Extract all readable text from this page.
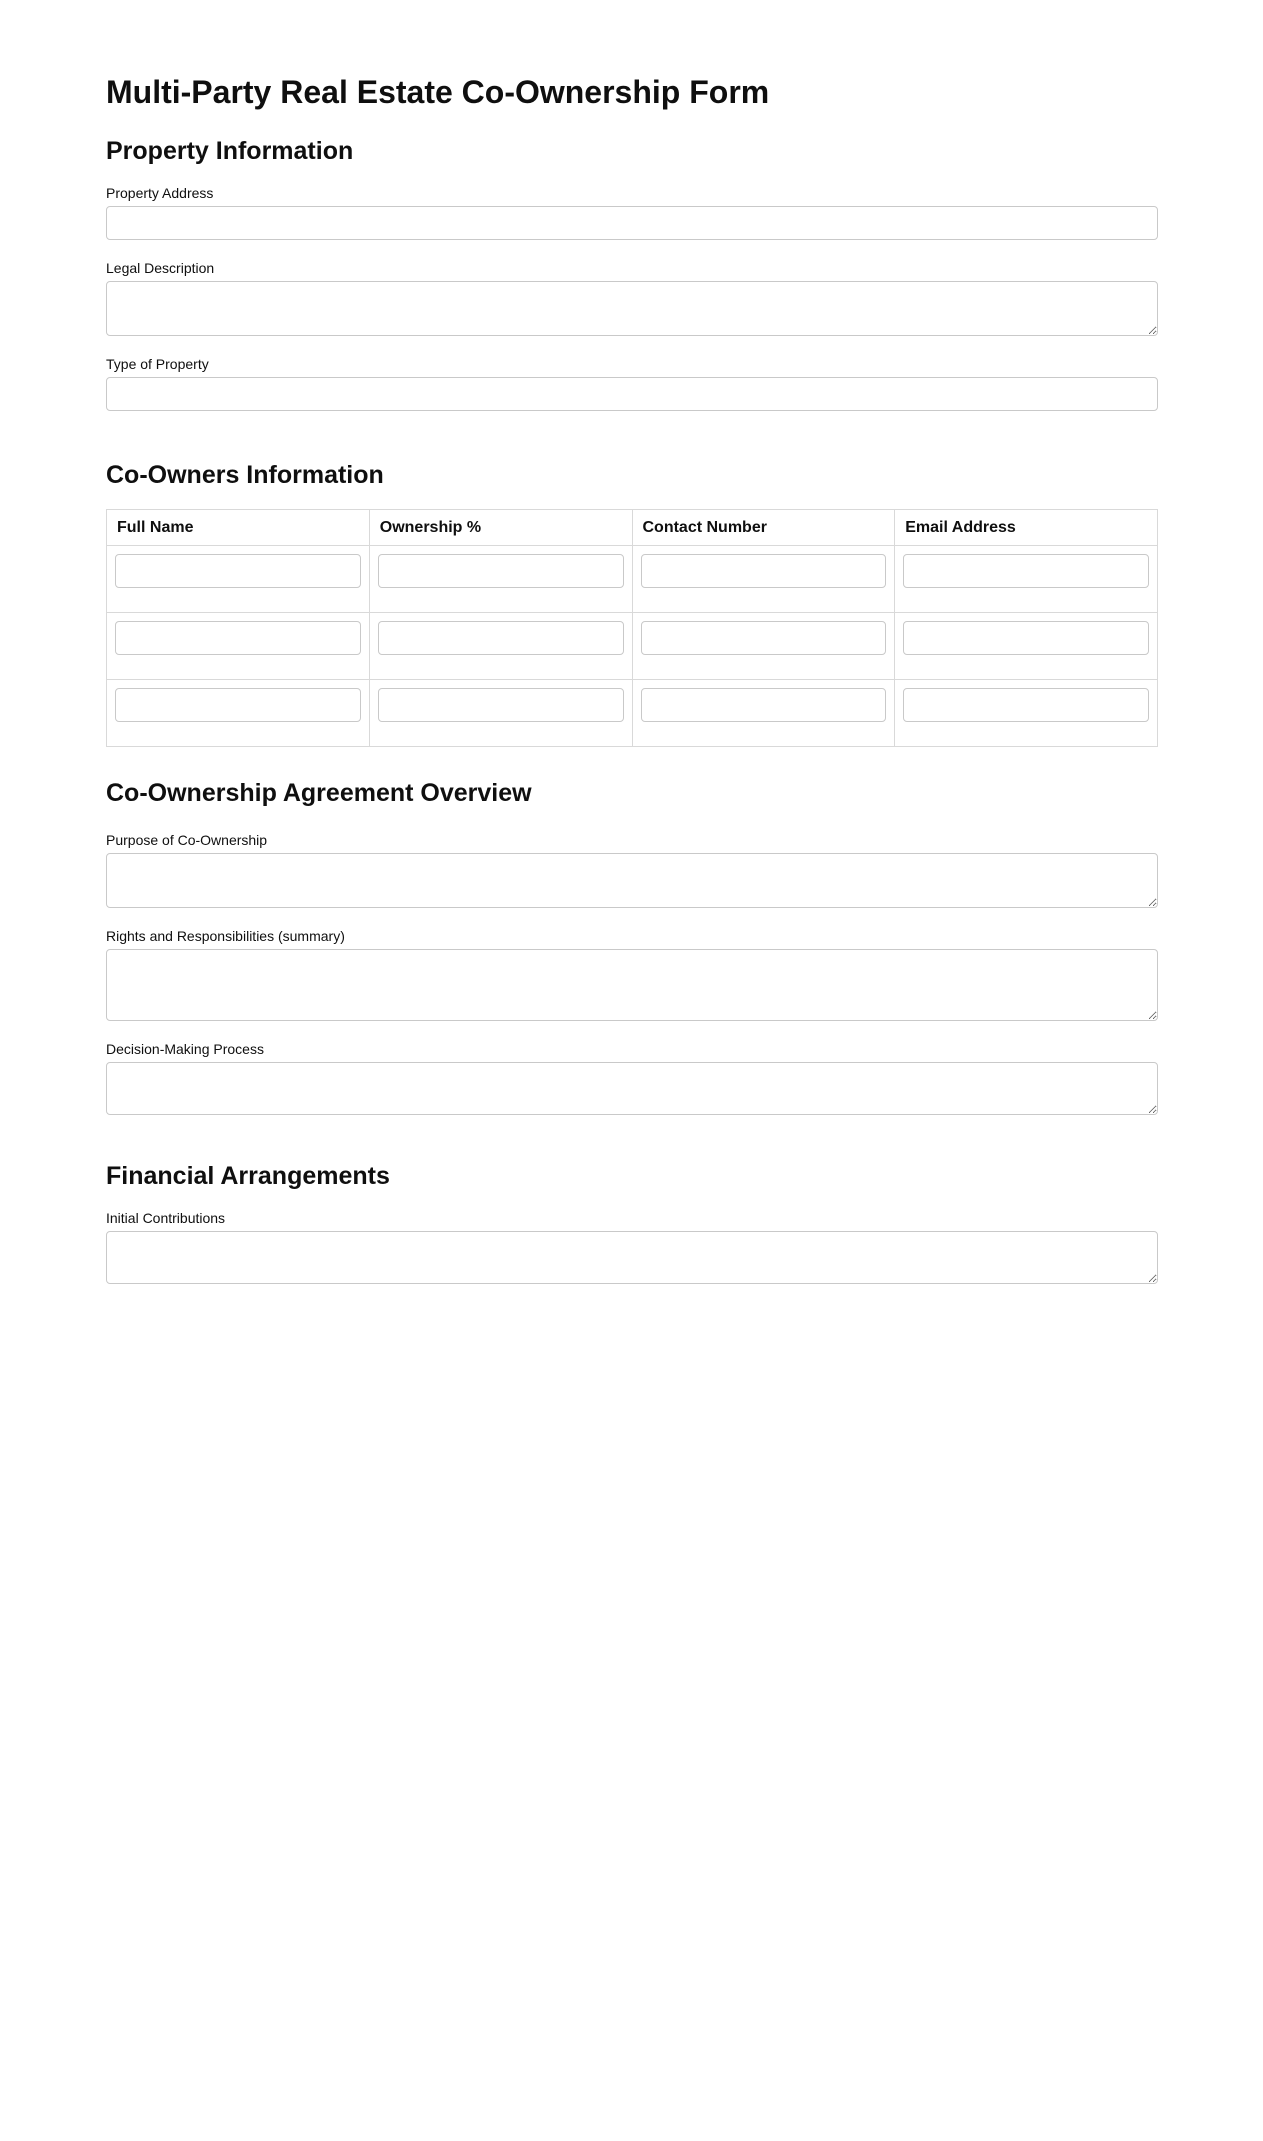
Multi-Party Real Estate Co-Ownership Form
Property Information
Property Address
Legal Description
Type of Property
Co-Owners Information
Full Name	Ownership %	Contact Number	Email Address

Co-Ownership Agreement Overview
Purpose of Co-Ownership
Rights and Responsibilities (summary)
Decision-Making Process
Financial Arrangements
Initial Contributions
